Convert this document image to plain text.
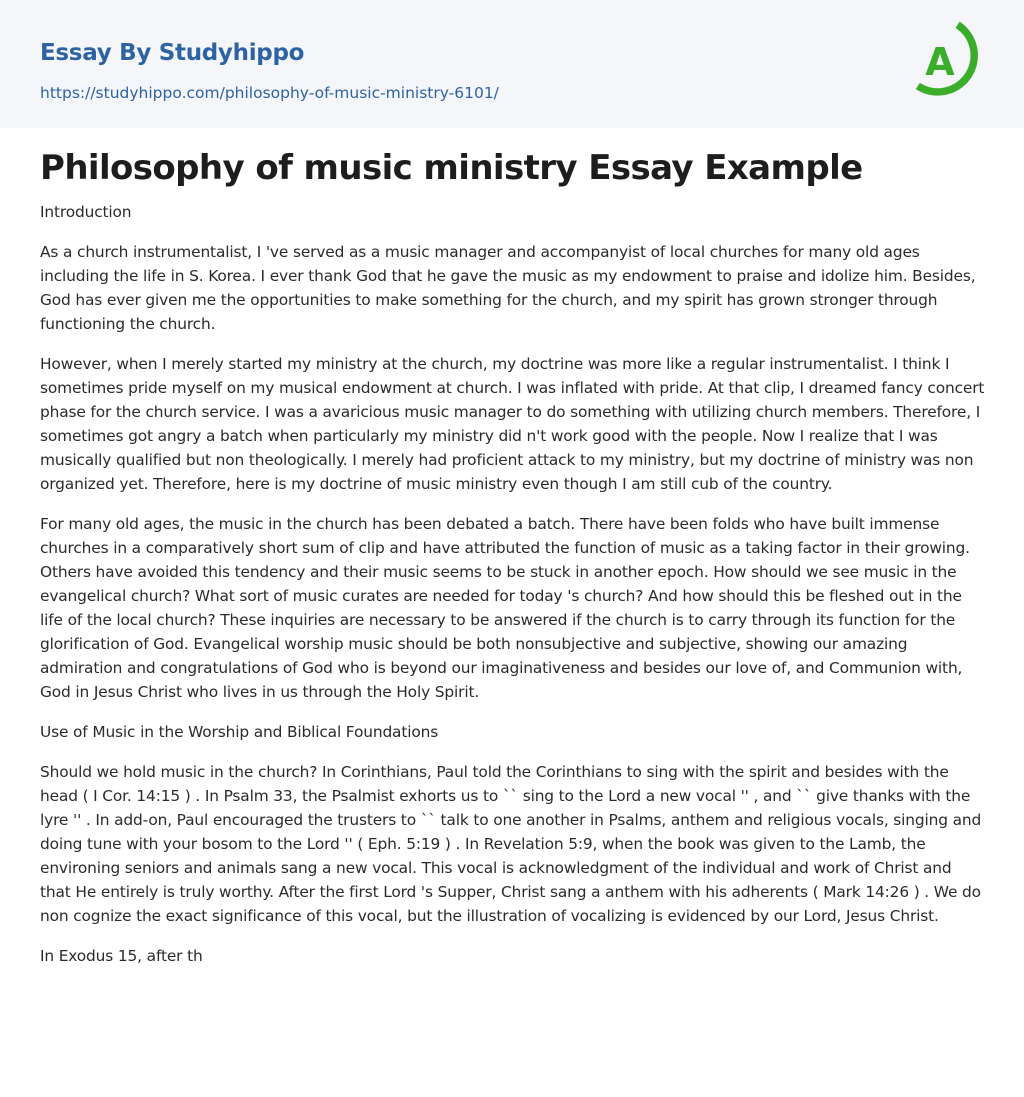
Essay By Studyhippo
https://studyhippo.com/philosophy-of-music-ministry-6101/
A
Philosophy of music ministry Essay Example

Introduction

As a church instrumentalist, I 've served as a music manager and accompanyist of local churches for many old ages including the life in S. Korea. I ever thank God that he gave the music as my endowment to praise and idolize him. Besides, God has ever given me the opportunities to make something for the church, and my spirit has grown stronger through functioning the church.

However, when I merely started my ministry at the church, my doctrine was more like a regular instrumentalist. I think I sometimes pride myself on my musical endowment at church. I was inflated with pride. At that clip, I dreamed fancy concert phase for the church service. I was a avaricious music manager to do something with utilizing church members. Therefore, I sometimes got angry a batch when particularly my ministry did n't work good with the people. Now I realize that I was musically qualified but non theologically. I merely had proficient attack to my ministry, but my doctrine of ministry was non organized yet. Therefore, here is my doctrine of music ministry even though I am still cub of the country.

For many old ages, the music in the church has been debated a batch. There have been folds who have built immense churches in a comparatively short sum of clip and have attributed the function of music as a taking factor in their growing. Others have avoided this tendency and their music seems to be stuck in another epoch. How should we see music in the evangelical church? What sort of music curates are needed for today 's church? And how should this be fleshed out in the life of the local church? These inquiries are necessary to be answered if the church is to carry through its function for the glorification of God. Evangelical worship music should be both nonsubjective and subjective, showing our amazing admiration and congratulations of God who is beyond our imaginativeness and besides our love of, and Communion with, God in Jesus Christ who lives in us through the Holy Spirit.

Use of Music in the Worship and Biblical Foundations

Should we hold music in the church? In Corinthians, Paul told the Corinthians to sing with the spirit and besides with the head ( I Cor. 14:15 ) . In Psalm 33, the Psalmist exhorts us to `` sing to the Lord a new vocal '' , and `` give thanks with the lyre '' . In add-on, Paul encouraged the trusters to `` talk to one another in Psalms, anthem and religious vocals, singing and doing tune with your bosom to the Lord '' ( Eph. 5:19 ) . In Revelation 5:9, when the book was given to the Lamb, the environing seniors and animals sang a new vocal. This vocal is acknowledgment of the individual and work of Christ and that He entirely is truly worthy. After the first Lord 's Supper, Christ sang a anthem with his adherents ( Mark 14:26 ) . We do non cognize the exact significance of this vocal, but the illustration of vocalizing is evidenced by our Lord, Jesus Christ.

In Exodus 15, after th
